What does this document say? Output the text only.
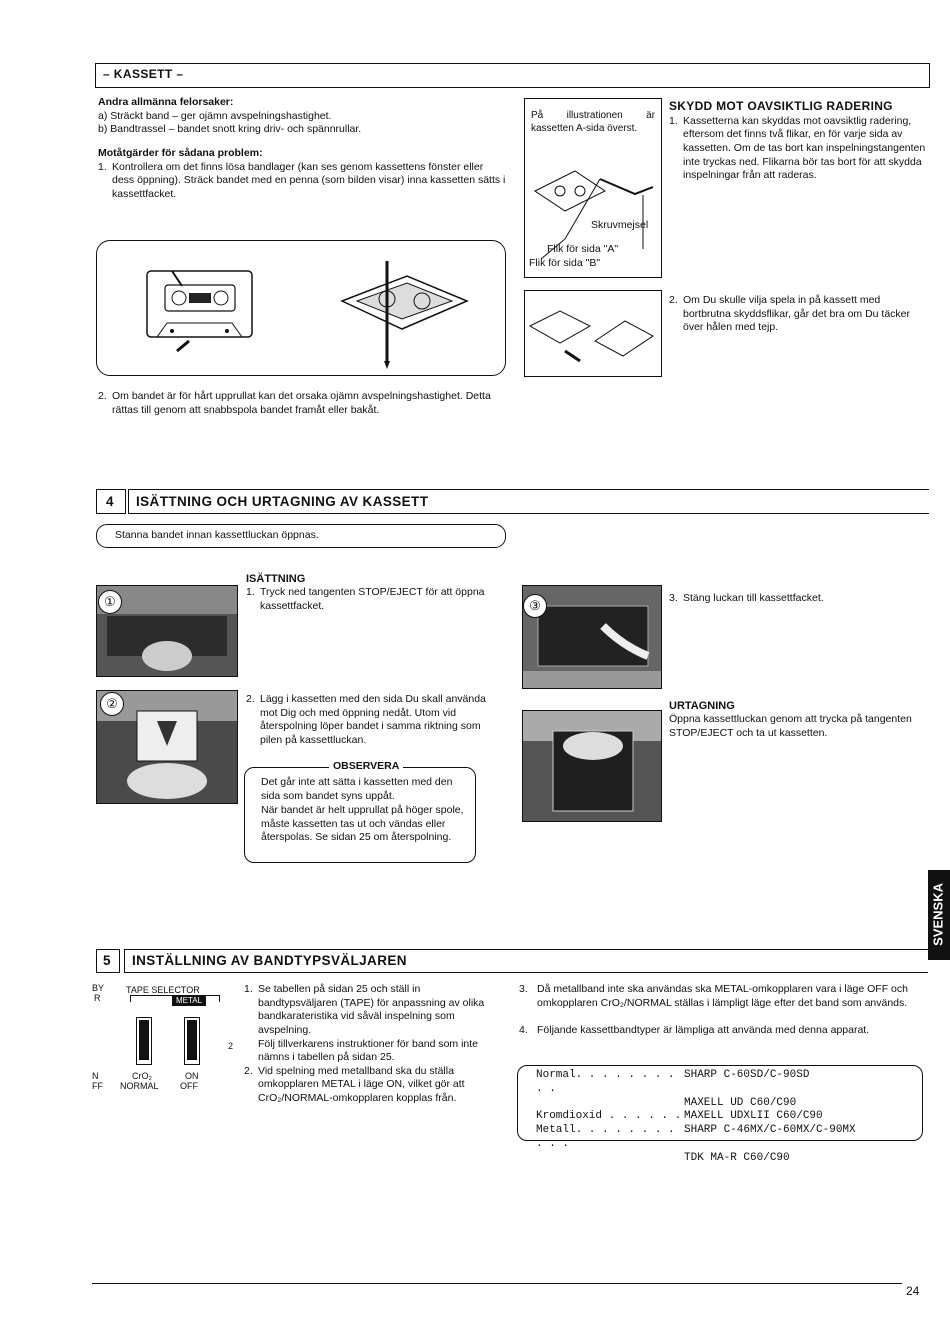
– KASSETT –

Andra allmänna felorsaker:

a) Sträckt band – ger ojämn avspelningshastighet.

b) Bandtrassel – bandet snott kring driv- och spännrullar.

Motåtgärder för sådana problem:

1. Kontrollera om det finns lösa bandlager (kan ses genom kassettens fönster eller dess öppning). Sträck bandet med en penna (som bilden visar) inna kassetten sätts i kassettfacket.

2. Om bandet är för hårt upprullat kan det orsaka ojämn avspelningshastighet. Detta rättas till genom att snabbspola bandet framåt eller bakåt.

På illustrationen är kassetten A-sida överst.

Skruvmejsel

Flik för sida "A"

Flik för sida "B"

SKYDD MOT OAVSIKTLIG RADERING

1. Kassetterna kan skyddas mot oavsiktlig radering, eftersom det finns två flikar, en för varje sida av kassetten. Om de tas bort kan inspelningstangenten inte tryckas ned. Flikarna bör tas bort för att skydda inspelningar från att raderas.

2. Om Du skulle vilja spela in på kassett med bortbrutna skyddsflikar, går det bra om Du täcker över hålen med tejp.

4 ISÄTTNING OCH URTAGNING AV KASSETT

Stanna bandet innan kassettluckan öppnas.

①
②
③

ISÄTTNING

1. Tryck ned tangenten STOP/EJECT för att öppna kassettfacket.

2. Lägg i kassetten med den sida Du skall använda mot Dig och med öppning nedåt. Utom vid återspolning löper bandet i samma riktning som pilen på kassettluckan.

OBSERVERA

Det går inte att sätta i kassetten med den sida som bandet syns uppåt.

När bandet är helt upprullat på höger spole, måste kassetten tas ut och vändas eller återspolas. Se sidan 25 om återspolning.

3. Stäng luckan till kassettfacket.

URTAGNING

Öppna kassettluckan genom att trycka på tangenten STOP/EJECT och ta ut kassetten.

SVENSKA

5 INSTÄLLNING AV BANDTYPSVÄLJAREN
BY
R
TAPE SELECTOR
METAL
2
CrO₂	ON
NORMAL OFF
N
FF
1. Se tabellen på sidan 25 och ställ in bandtypsväljaren (TAPE) för anpassning av olika bandkarateristika vid såväl inspelning som avspelning.

Följ tillverkarens instruktioner för band som inte nämns i tabellen på sidan 25.

2. Vid spelning med metallband ska du ställa omkopplaren METAL i läge ON, vilket gör att CrO₂/NORMAL-omkopplaren kopplas från.

3. Då metallband inte ska användas ska METAL-omkopplaren vara i läge OFF och omkopplaren CrO₂/NORMAL ställas i lämpligt läge efter det band som används.

4. Följande kassettbandtyper är lämpliga att använda med denna apparat.

Normal. . . . . . . . . .
SHARP C-60SD/C-90SD
MAXELL UD C60/C90
Kromdioxid . . . . . . MAXELL UDXLII C60/C90
Metall. . . . . . . . . . .
SHARP C-46MX/C-60MX/C-90MX
TDK MA-R C60/C90
24
